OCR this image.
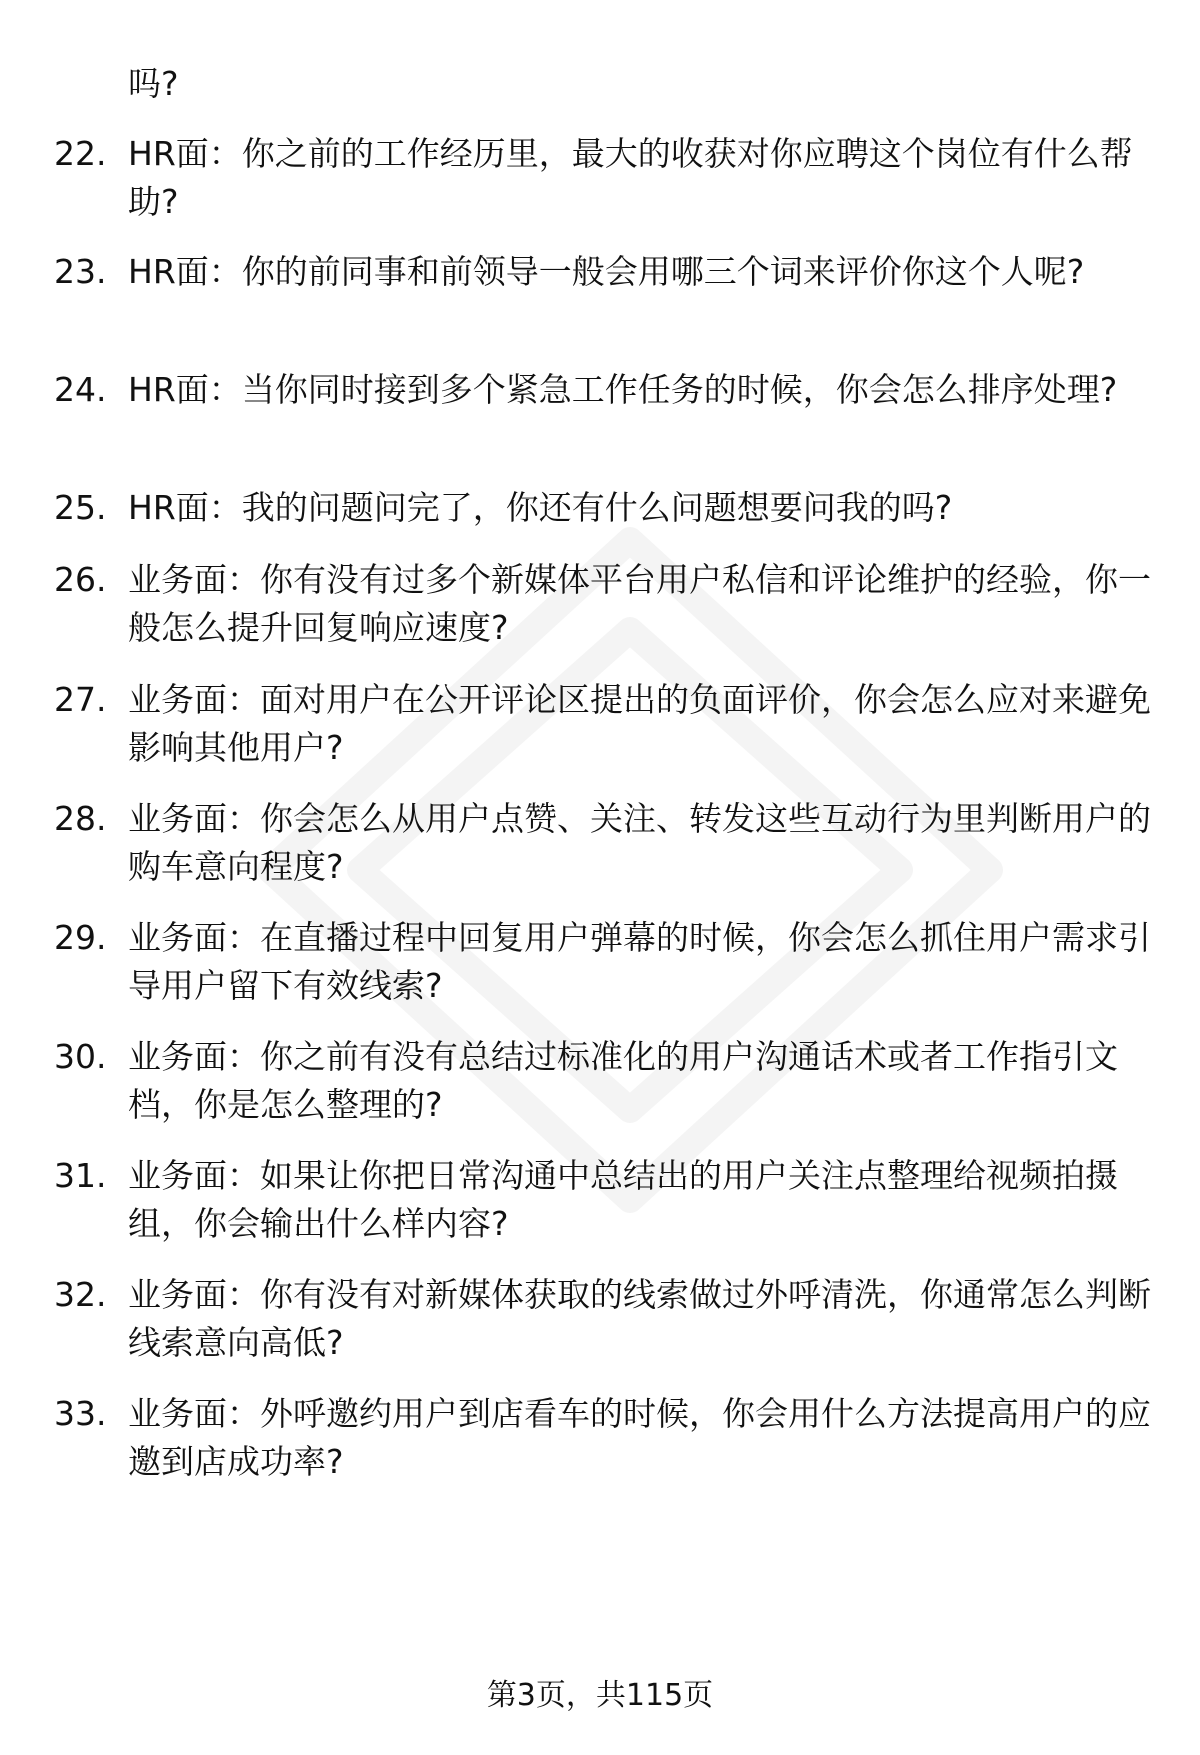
吗?

22. HR面：你之前的工作经历里，最大的收获对你应聘这个岗位有什么帮助?

23. HR面：你的前同事和前领导一般会用哪三个词来评价你这个人呢?

24. HR面：当你同时接到多个紧急工作任务的时候，你会怎么排序处理?

25. HR面：我的问题问完了，你还有什么问题想要问我的吗?

26. 业务面：你有没有过多个新媒体平台用户私信和评论维护的经验，你一般怎么提升回复响应速度?

27. 业务面：面对用户在公开评论区提出的负面评价，你会怎么应对来避免影响其他用户?

28. 业务面：你会怎么从用户点赞、关注、转发这些互动行为里判断用户的购车意向程度?

29. 业务面：在直播过程中回复用户弹幕的时候，你会怎么抓住用户需求引导用户留下有效线索?

30. 业务面：你之前有没有总结过标准化的用户沟通话术或者工作指引文档，你是怎么整理的?

31. 业务面：如果让你把日常沟通中总结出的用户关注点整理给视频拍摄组，你会输出什么样内容?

32. 业务面：你有没有对新媒体获取的线索做过外呼清洗，你通常怎么判断线索意向高低?

33. 业务面：外呼邀约用户到店看车的时候，你会用什么方法提高用户的应邀到店成功率?

第3页，共115页
